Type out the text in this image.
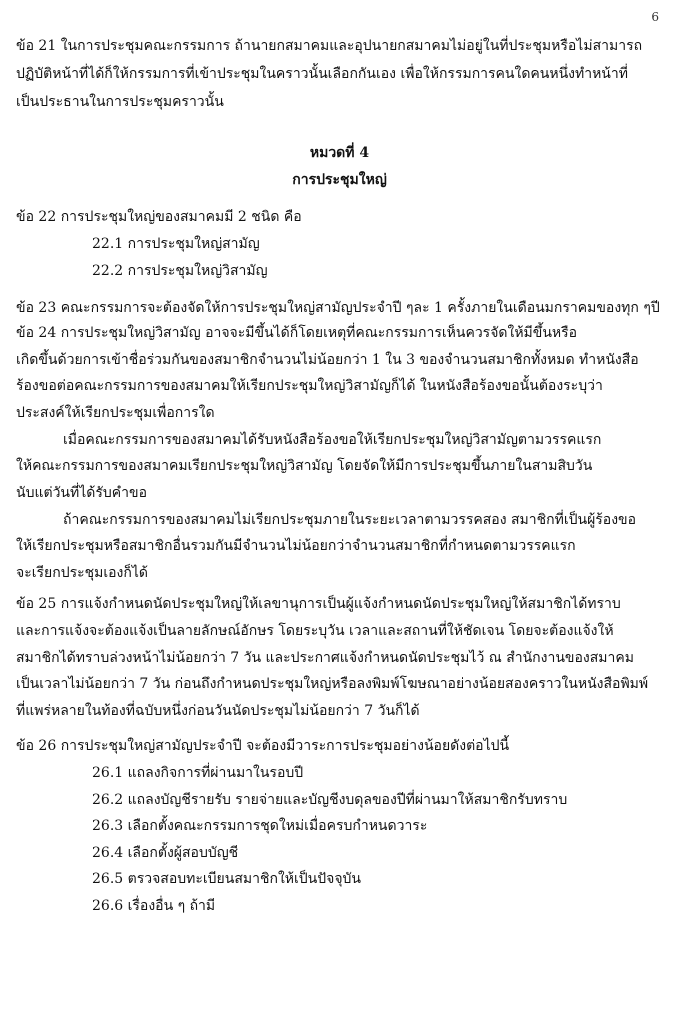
6
ข้อ 21 ในการประชุมคณะกรรมการ ถ้านายกสมาคมและอุปนายกสมาคมไม่อยู่ในที่ประชุมหรือไม่สามารถ
ปฏิบัติหน้าที่ได้ก็ให้กรรมการที่เข้าประชุมในคราวนั้นเลือกกันเอง เพื่อให้กรรมการคนใดคนหนึ่งทำหน้าที่
เป็นประธานในการประชุมคราวนั้น
หมวดที่ 4
การประชุมใหญ่
ข้อ 22 การประชุมใหญ่ของสมาคมมี 2 ชนิด คือ
22.1 การประชุมใหญ่สามัญ
22.2 การประชุมใหญ่วิสามัญ
ข้อ 23 คณะกรรมการจะต้องจัดให้การประชุมใหญ่สามัญประจำปี ๆละ 1 ครั้งภายในเดือนมกราคมของทุก ๆปี
ข้อ 24 การประชุมใหญ่วิสามัญ อาจจะมีขึ้นได้ก็โดยเหตุที่คณะกรรมการเห็นควรจัดให้มีขึ้นหรือ
เกิดขึ้นด้วยการเข้าชื่อร่วมกันของสมาชิกจำนวนไม่น้อยกว่า 1 ใน 3 ของจำนวนสมาชิกทั้งหมด ทำหนังสือ
ร้องขอต่อคณะกรรมการของสมาคมให้เรียกประชุมใหญ่วิสามัญก็ได้ ในหนังสือร้องขอนั้นต้องระบุว่า
ประสงค์ให้เรียกประชุมเพื่อการใด
เมื่อคณะกรรมการของสมาคมได้รับหนังสือร้องขอให้เรียกประชุมใหญ่วิสามัญตามวรรคแรก
ให้คณะกรรมการของสมาคมเรียกประชุมใหญ่วิสามัญ โดยจัดให้มีการประชุมขึ้นภายในสามสิบวัน
นับแต่วันที่ได้รับคำขอ
ถ้าคณะกรรมการของสมาคมไม่เรียกประชุมภายในระยะเวลาตามวรรคสอง สมาชิกที่เป็นผู้ร้องขอ
ให้เรียกประชุมหรือสมาชิกอื่นรวมกันมีจำนวนไม่น้อยกว่าจำนวนสมาชิกที่กำหนดตามวรรคแรก
จะเรียกประชุมเองก็ได้
ข้อ 25 การแจ้งกำหนดนัดประชุมใหญ่ให้เลขานุการเป็นผู้แจ้งกำหนดนัดประชุมใหญ่ให้สมาชิกได้ทราบ
และการแจ้งจะต้องแจ้งเป็นลายลักษณ์อักษร โดยระบุวัน เวลาและสถานที่ให้ชัดเจน โดยจะต้องแจ้งให้
สมาชิกได้ทราบล่วงหน้าไม่น้อยกว่า 7 วัน และประกาศแจ้งกำหนดนัดประชุมไว้ ณ สำนักงานของสมาคม
เป็นเวลาไม่น้อยกว่า 7 วัน ก่อนถึงกำหนดประชุมใหญ่หรือลงพิมพ์โฆษณาอย่างน้อยสองคราวในหนังสือพิมพ์
ที่แพร่หลายในท้องที่ฉบับหนึ่งก่อนวันนัดประชุมไม่น้อยกว่า 7 วันก็ได้
ข้อ 26 การประชุมใหญ่สามัญประจำปี จะต้องมีวาระการประชุมอย่างน้อยดังต่อไปนี้
26.1 แถลงกิจการที่ผ่านมาในรอบปี
26.2 แถลงบัญชีรายรับ รายจ่ายและบัญชีงบดุลของปีที่ผ่านมาให้สมาชิกรับทราบ
26.3 เลือกตั้งคณะกรรมการชุดใหม่เมื่อครบกำหนดวาระ
26.4 เลือกตั้งผู้สอบบัญชี
26.5 ตรวจสอบทะเบียนสมาชิกให้เป็นปัจจุบัน
26.6 เรื่องอื่น ๆ ถ้ามี
